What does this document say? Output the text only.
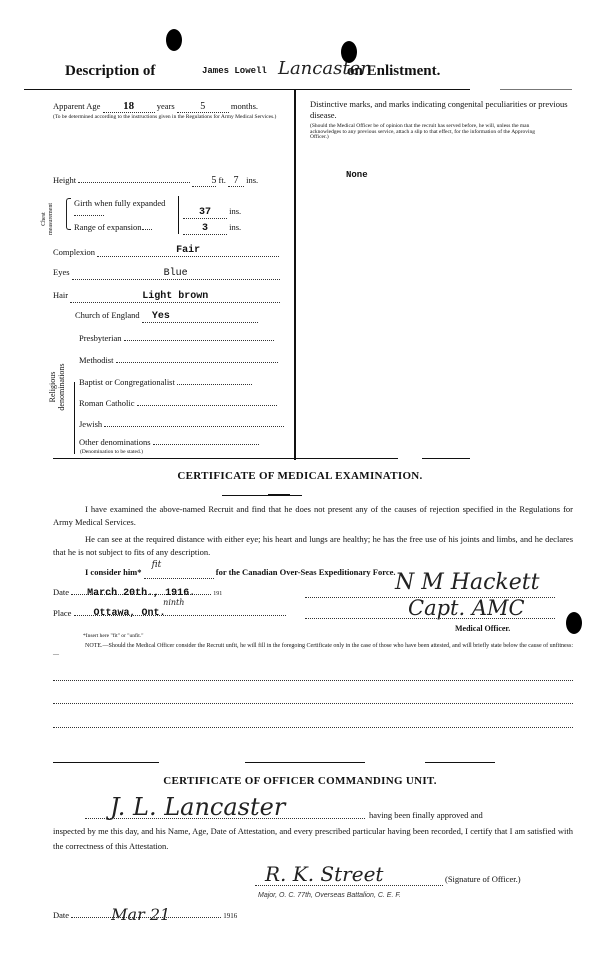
Description of	James Lowell Lancaster
on Enlistment.
Apparent Age 18	years	5	months.
(To be determined according to the instructions given in the Regulations for Army Medical Services.)
Height	5 ft. 7 ins.
Chest measurement Girth when fully expanded
37 ins.
Range of expansion	3 ins.
Complexion	Fair
Eyes	Blue
Hair	Light brown
Religious denominations
Church of England Yes
Presbyterian
Methodist
Baptist or Congregationalist
Roman Catholic
Jewish
Other denominations
(Denomination to be stated.)
Distinctive marks, and marks indicating congenital peculiarities or previous disease.
(Should the Medical Officer be of opinion that the recruit has served before, he will, unless the man acknowledges to any previous service, attach a slip to that effect, for the information of the Approving Officer.)
None
CERTIFICATE OF MEDICAL EXAMINATION.
I have examined the above-named Recruit and find that he does not present any of the causes of rejection specified in the Regulations for Army Medical Services.
He can see at the required distance with either eye; his heart and lungs are healthy; he has the free use of his joints and limbs, and he declares that he is not subject to fits of any description.
I consider him* fit for the Canadian Over-Seas Expeditionary Force.
Date March 20th., 1916.
ninth
191
Place Ottawa, Ont.
N M Hackett
Capt. AMC
Medical Officer.
*Insert here "fit" or "unfit."
NOTE.—Should the Medical Officer consider the Recruit unfit, he will fill in the foregoing Certificate only in the case of those who have been attested, and will briefly state below the cause of unfitness:—
CERTIFICATE OF OFFICER COMMANDING UNIT.
J. L. Lancaster	having been finally approved and
inspected by me this day, and his Name, Age, Date of Attestation, and every prescribed particular having been recorded, I certify that I am satisfied with the correctness of this Attestation.
R. K. Street	(Signature of Officer.)
Major, O. C. 77th, Overseas Battalion, C. E. F.
Date	Mar 21	1916
